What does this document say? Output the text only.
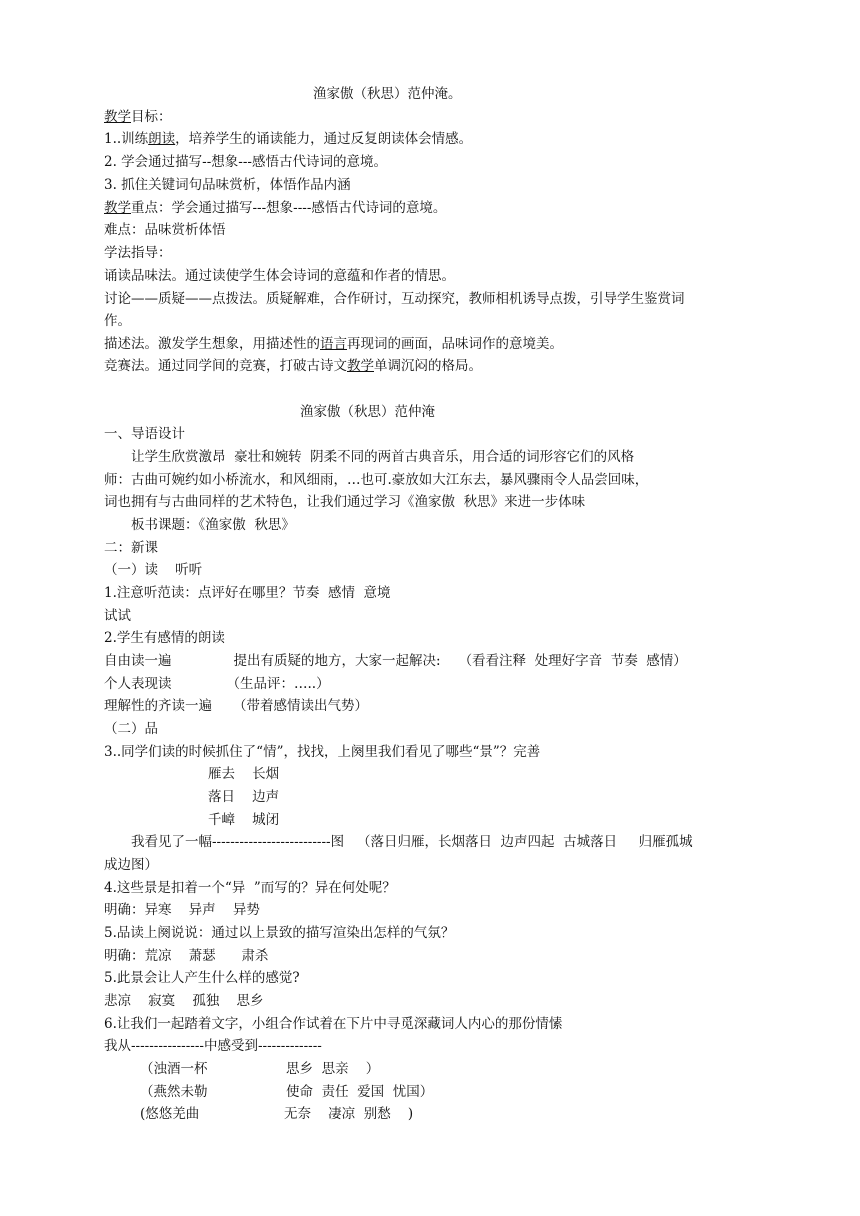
渔家傲（秋思）范仲淹。
教学目标：
1..训练朗读，培养学生的诵读能力，通过反复朗读体会情感。
2. 学会通过描写--想象---感悟古代诗词的意境。
3. 抓住关键词句品味赏析，体悟作品内涵
教学重点：学会通过描写---想象----感悟古代诗词的意境。
难点：品味赏析体悟
学法指导：
诵读品味法。通过读使学生体会诗词的意蕴和作者的情思。
讨论——质疑——点拨法。质疑解难，合作研讨，互动探究，教师相机诱导点拨，引导学生鉴赏词
作。
描述法。激发学生想象，用描述性的语言再现词的画面，品味词作的意境美。
竞赛法。通过同学间的竞赛，打破古诗文教学单调沉闷的格局。
渔家傲（秋思）范仲淹
一、导语设计
让学生欣赏激昂  豪壮和婉转  阴柔不同的两首古典音乐，用合适的词形容它们的风格
师：古曲可婉约如小桥流水，和风细雨，…也可.豪放如大江东去，暴风骤雨令人品尝回味，
词也拥有与古曲同样的艺术特色，让我们通过学习《渔家傲  秋思》来进一步体味
板书课题：《渔家傲  秋思》
二：新课
（一）读    听听
1.注意听范读：点评好在哪里？节奏  感情  意境
试试
2.学生有感情的朗读
自由读一遍	提出有质疑的地方，大家一起解决: （看看注释  处理好字音  节奏  感情）
个人表现读	（生品评：…..）
理解性的齐读一遍 （带着感情读出气势）
（二）品
3..同学们读的时候抓住了“情”，找找，上阕里我们看见了哪些“景”？完善
雁去    长烟
落日    边声
千嶂    城闭
我看见了一幅--------------------------图   （落日归雁，长烟落日  边声四起  古城落日     归雁孤城
成边图）
4.这些景是扣着一个“异  ”而写的？异在何处呢？
明确：异寒    异声    异势
5.品读上阕说说：通过以上景致的描写渲染出怎样的气氛？
明确：荒凉    萧瑟      肃杀
5.此景会让人产生什么样的感觉?
悲凉    寂寞    孤独    思乡
6.让我们一起踏着文字，小组合作试着在下片中寻觅深藏词人内心的那份情愫
我从----------------中感受到--------------
（浊酒一杯	思乡  思亲    ）
（燕然未勒	使命  责任  爱国  忧国）
(悠悠羌曲	无奈    凄凉  别愁    )
